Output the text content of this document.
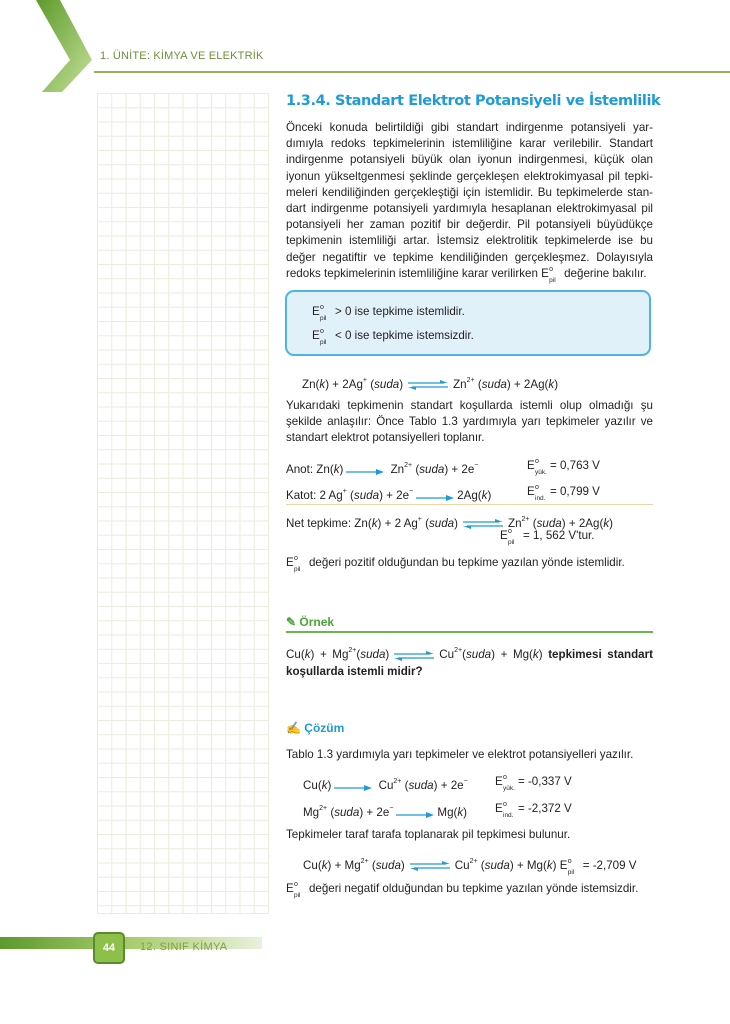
1. ÜNİTE: KİMYA VE ELEKTRİK
1.3.4. Standart Elektrot Potansiyeli ve İstemlilik
Önceki konuda belirtildiği gibi standart indirgenme potansiyeli yar-
dımıyla redoks tepkimelerinin istemliliğine karar verilebilir. Standart
indirgenme potansiyeli büyük olan iyonun indirgenmesi, küçük olan
iyonun yükseltgenmesi şeklinde gerçekleşen elektrokimyasal pil tepki-
meleri kendiliğinden gerçekleştiği için istemlidir. Bu tepkimelerde stan-
dart indirgenme potansiyeli yardımıyla hesaplanan elektrokimyasal pil
potansiyeli her zaman pozitif bir değerdir. Pil potansiyeli büyüdükçe
tepkimenin istemliliği artar. İstemsiz elektrolitik tepkimelerde ise bu
değer negatiftir ve tepkime kendiliğinden gerçekleşmez. Dolayısıyla
redoks tepkimelerinin istemliliğine karar verilirken E o
pil
değerine bakılır.
E o
pil
> 0 ise tepkime istemlidir.
E o
pil
< 0 ise tepkime istemsizdir.
Zn(k) + 2Ag+ (suda) ⇌ $Zn^{2+}$ (suda) + 2Ag(k)
Yukarıdaki tepkimenin standart koşullarda istemli olup olmadığı şu
şekilde anlaşılır: Önce Tablo 1.3 yardımıyla yarı tepkimeler yazılır ve
standart elektrot potansiyelleri toplanır.
Anot: $Zn(k) \to Zn^{2+}$ (suda) + 2e−	E o
yük.
= 0,763 V
Katot: 2 Ag+ (suda) + 2e− → 2Ag(k)	E o
ind.
= 0,799 V
Net tepkime: Zn(k) + 2 Ag+ (suda) ⇌ $Zn^{2+}$ (suda) + 2Ag(k)
E o
pil
= 1, 562 V'tur.
E o
pil
değeri pozitif olduğundan bu tepkime yazılan yönde istemlidir.
✎ Örnek
$Cu(k) + Mg^{2+}(suda)$ ⇌ $Cu^{2+}(suda) + Mg(k)$ tepkimesi standart
koşullarda istemli midir?
✍ Çözüm
Tablo 1.3 yardımıyla yarı tepkimeler ve elektrot potansiyelleri yazılır.
$Cu(k) \to Cu^{2+}$ (suda) + 2e− E o
yük.
= -0,337 V
$Mg^{2+}$ (suda) + 2e− → Mg(k) E o
ind.
= -2,372 V
Tepkimeler taraf tarafa toplanarak pil tepkimesi bulunur.
$Cu(k) + Mg^{2+}$ (suda) ⇌ $Cu^{2+}$ (suda) + Mg(k) E o
pil
= -2,709 V
E o
pil
değeri negatif olduğundan bu tepkime yazılan yönde istemsizdir.
44	12. SINIF KİMYA
